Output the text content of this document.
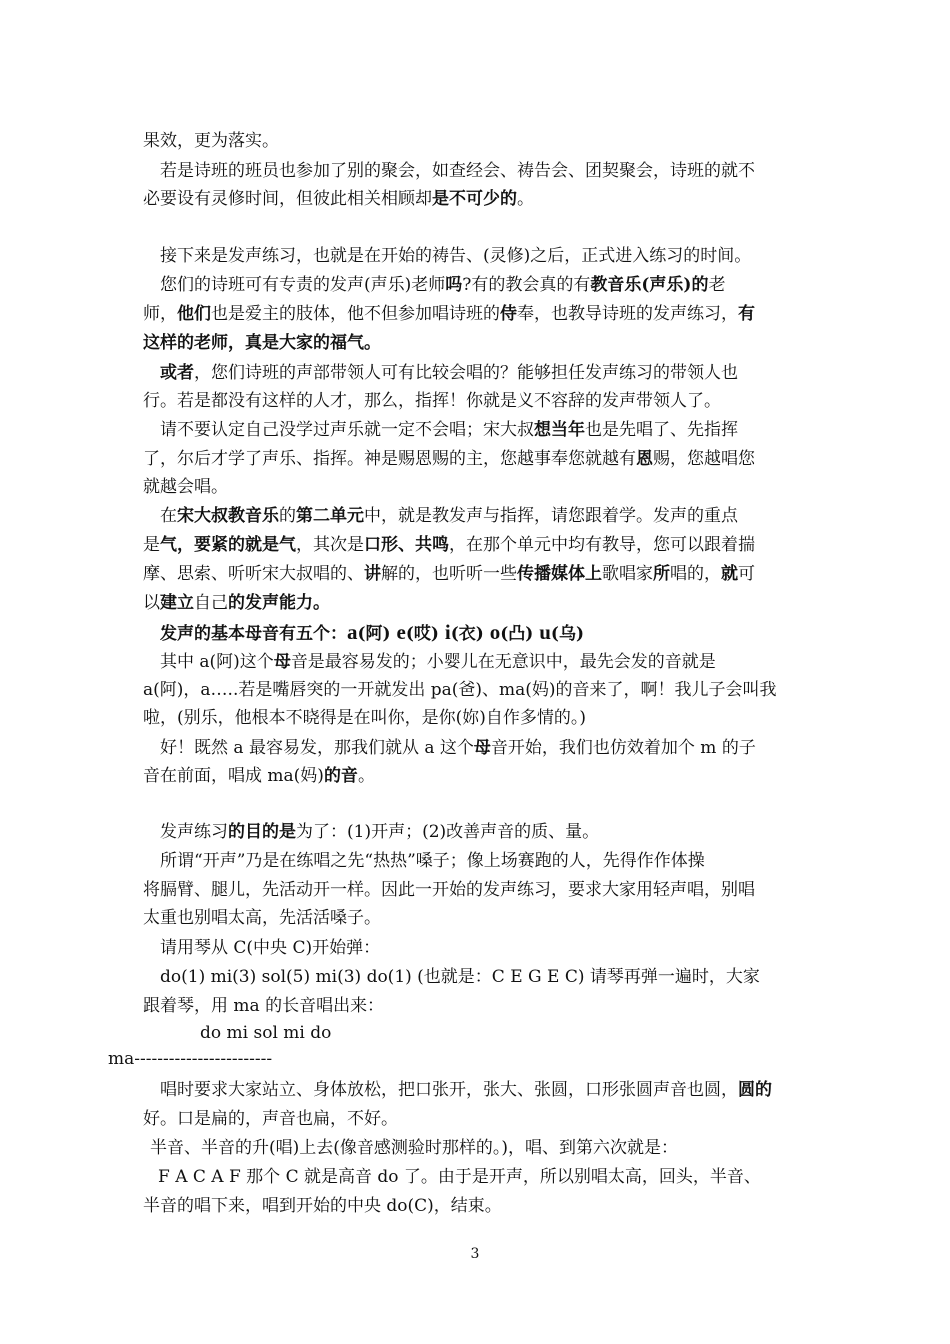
果效，更为落实。
　若是诗班的班员也参加了别的聚会，如查经会、祷告会、团契聚会，诗班的就不
必要设有灵修时间，但彼此相关相顾却是不可少的。
　接下来是发声练习，也就是在开始的祷告、(灵修)之后，正式进入练习的时间。
　您们的诗班可有专责的发声(声乐)老师吗?有的教会真的有教音乐(声乐)的老
师，他们也是爱主的肢体，他不但参加唱诗班的侍奉，也教导诗班的发声练习，有
这样的老师，真是大家的福气。
　或者，您们诗班的声部带领人可有比较会唱的？能够担任发声练习的带领人也
行。若是都没有这样的人才，那么，指挥！你就是义不容辞的发声带领人了。
　请不要认定自己没学过声乐就一定不会唱；宋大叔想当年也是先唱了、先指挥
了，尔后才学了声乐、指挥。神是赐恩赐的主，您越事奉您就越有恩赐，您越唱您
就越会唱。
　在宋大叔教音乐的第二单元中，就是教发声与指挥，请您跟着学。发声的重点
是气，要紧的就是气，其次是口形、共鸣，在那个单元中均有教导，您可以跟着揣
摩、思索、听听宋大叔唱的、讲解的，也听听一些传播媒体上歌唱家所唱的，就可
以建立自己的发声能力。
　发声的基本母音有五个：a(阿) e(哎) i(衣) o(凸) u(乌)
　其中 a(阿)这个母音是最容易发的；小婴儿在无意识中，最先会发的音就是
a(阿)，a…..若是嘴唇突的一开就发出 pa(爸)、ma(妈)的音来了，啊！我儿子会叫我
啦，(别乐，他根本不晓得是在叫你，是你(妳)自作多情的。)
　好！既然 a 最容易发，那我们就从 a 这个母音开始，我们也仿效着加个 m 的子
音在前面，唱成 ma(妈)的音。
　发声练习的目的是为了：(1)开声；(2)改善声音的质、量。
　所谓“开声”乃是在练唱之先“热热”嗓子；像上场赛跑的人，先得作作体操
将膈臂、腿儿，先活动开一样。因此一开始的发声练习，要求大家用轻声唱，别唱
太重也别唱太高，先活活嗓子。
　请用琴从 C(中央 C)开始弹：
　do(1) mi(3) sol(5) mi(3) do(1) (也就是：C E G E C) 请琴再弹一遍时，大家
跟着琴，用 ma 的长音唱出来：
do mi sol mi do
ma------------------------
　唱时要求大家站立、身体放松，把口张开，张大、张圆，口形张圆声音也圆，圆的
好。口是扁的，声音也扁，不好。
半音、半音的升(唱)上去(像音感测验时那样的。)，唱、到第六次就是：
F A C A F 那个 C 就是高音 do 了。由于是开声，所以别唱太高，回头，半音、
半音的唱下来，唱到开始的中央 do(C)，结束。
3
